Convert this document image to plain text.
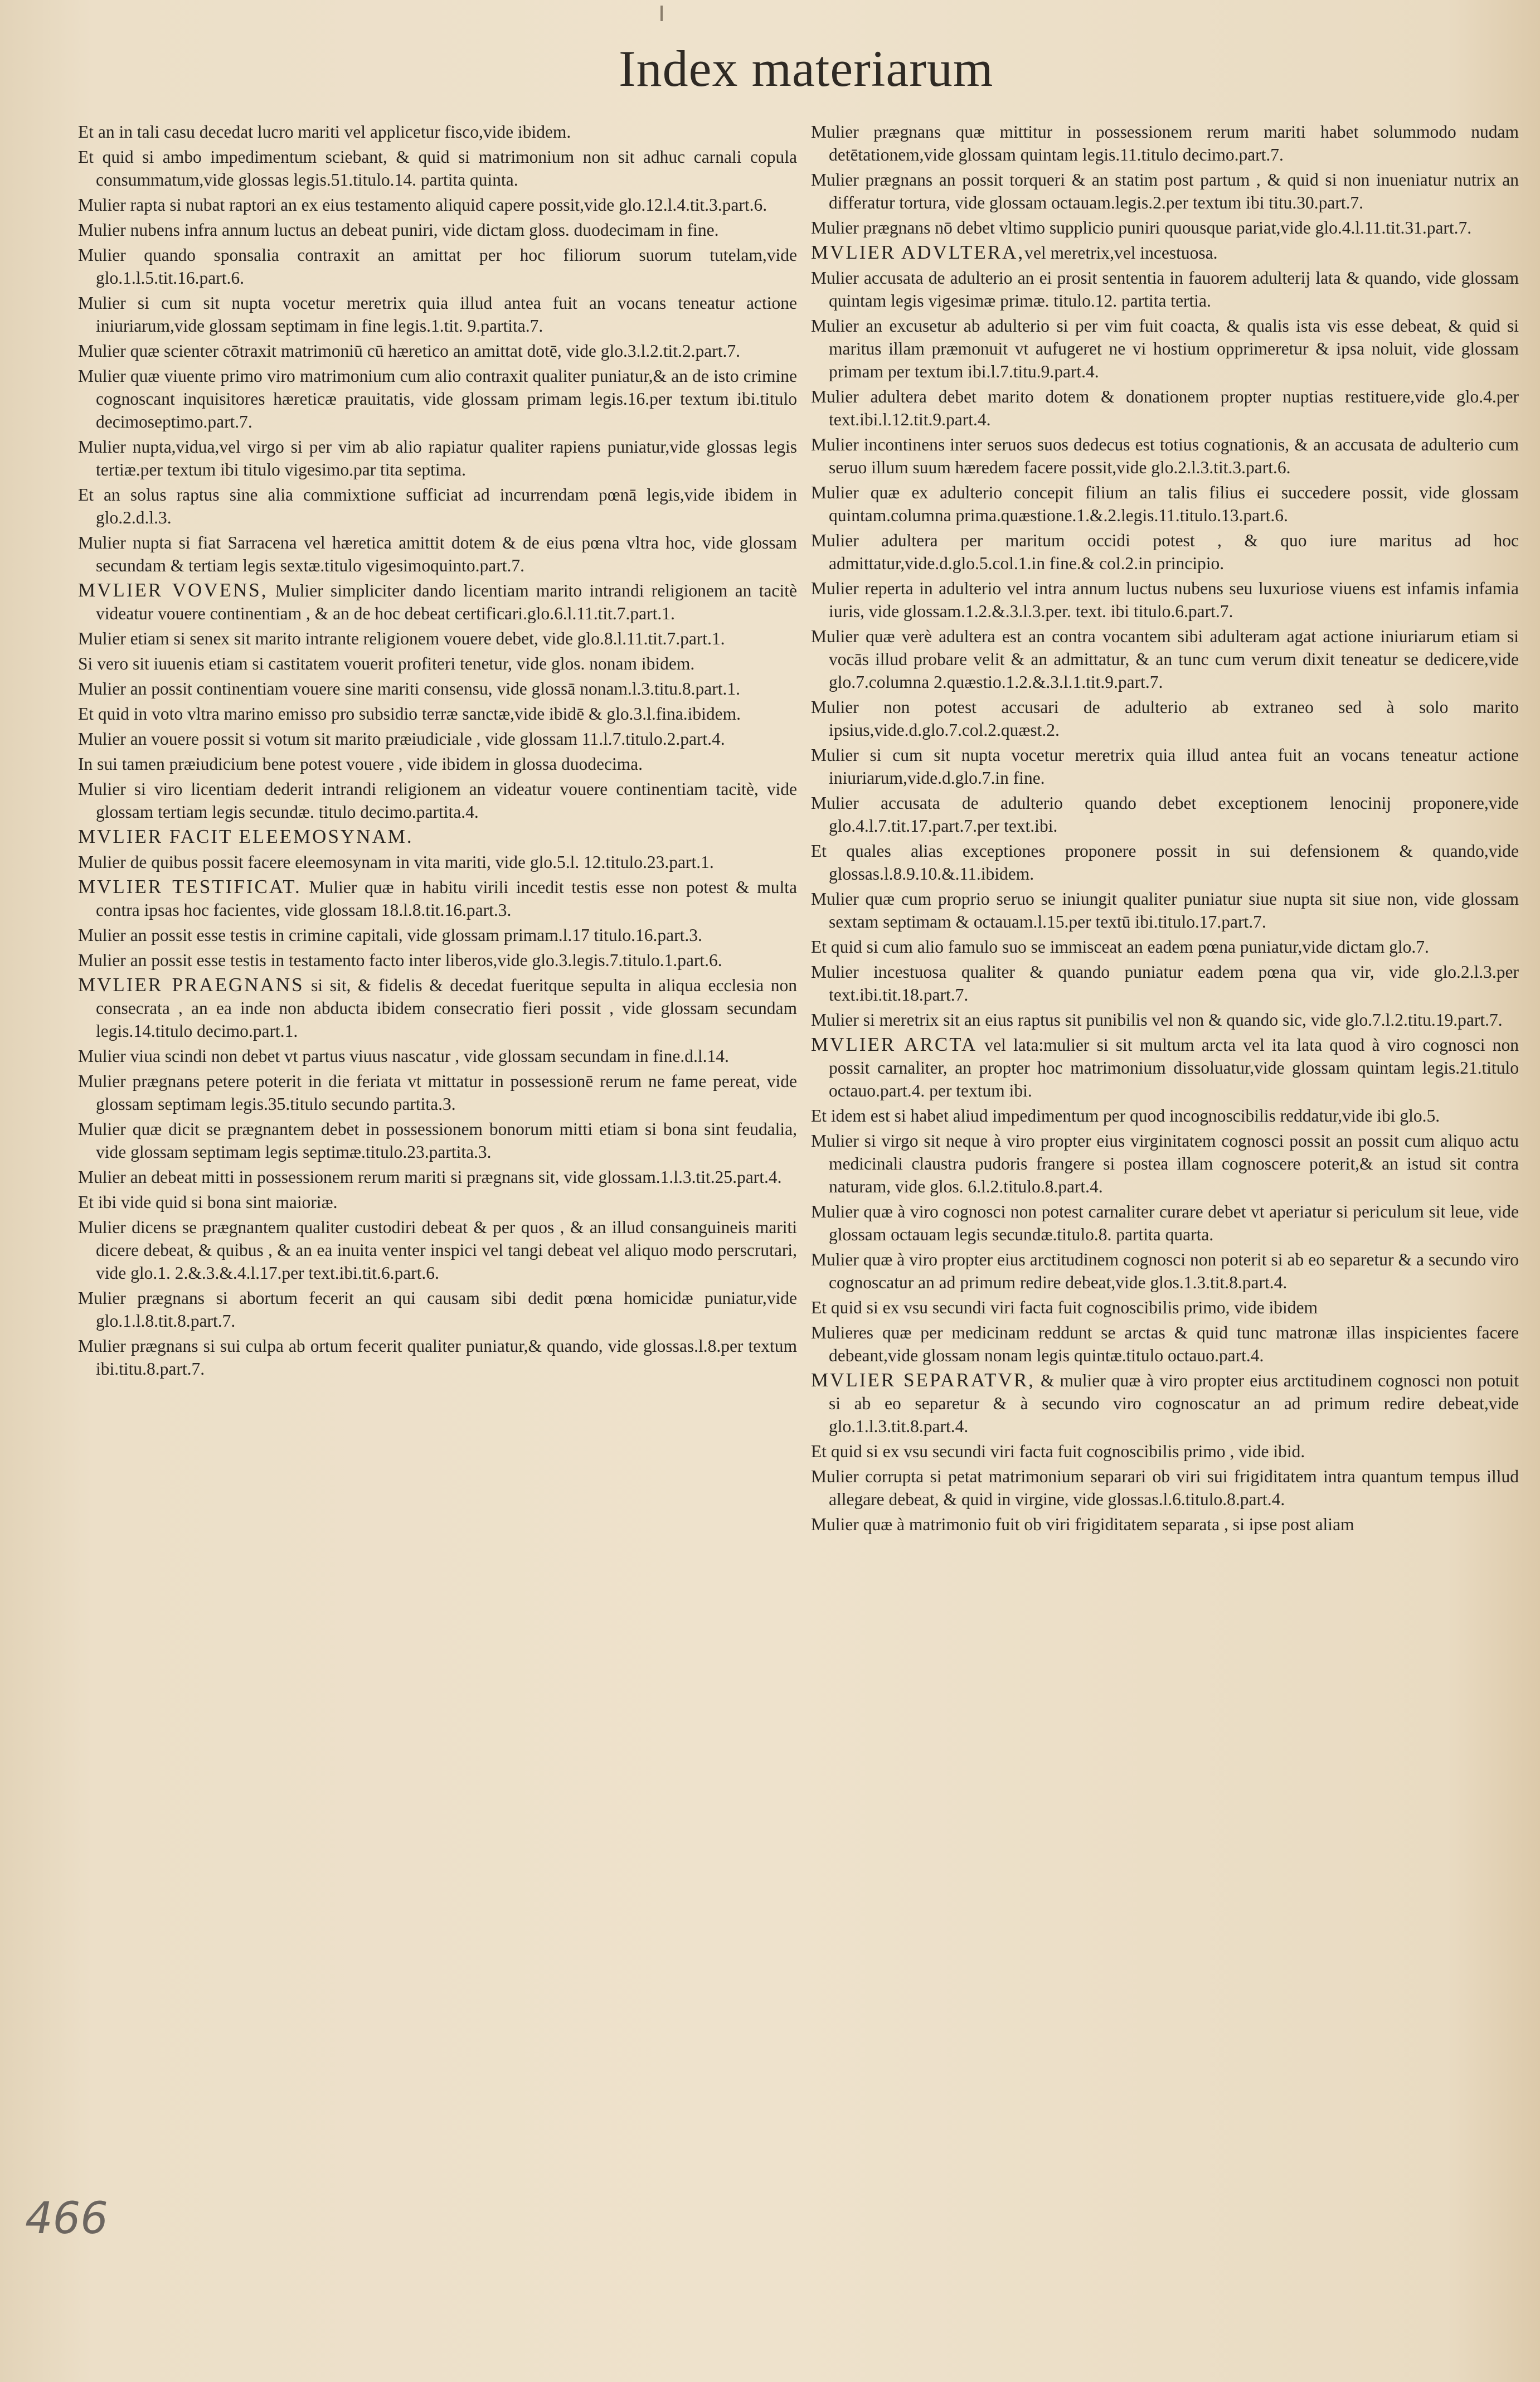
Index materiarum

Et an in tali casu decedat lucro mariti vel applicetur fisco,vide ibidem.

Et quid si ambo impedimentum sciebant, & quid si matrimonium non sit adhuc carnali copula consummatum,vide glossas legis.51.titulo.14. partita quinta.

Mulier rapta si nubat raptori an ex eius testamento aliquid capere possit,vide glo.12.l.4.tit.3.part.6.

Mulier nubens infra annum luctus an debeat puniri, vide dictam gloss. duodecimam in fine.

Mulier quando sponsalia contraxit an amittat per hoc filiorum suorum tutelam,vide glo.1.l.5.tit.16.part.6.

Mulier si cum sit nupta vocetur meretrix quia illud antea fuit an vocans teneatur actione iniuriarum,vide glossam septimam in fine legis.1.tit. 9.partita.7.

Mulier quæ scienter cōtraxit matrimoniū cū hæretico an amittat dotē, vide glo.3.l.2.tit.2.part.7.

Mulier quæ viuente primo viro matrimonium cum alio contraxit qualiter puniatur,& an de isto crimine cognoscant inquisitores hæreticæ prauitatis, vide glossam primam legis.16.per textum ibi.titulo decimoseptimo.part.7.

Mulier nupta,vidua,vel virgo si per vim ab alio rapiatur qualiter rapiens puniatur,vide glossas legis tertiæ.per textum ibi titulo vigesimo.par tita septima.

Et an solus raptus sine alia commixtione sufficiat ad incurrendam pœnā legis,vide ibidem in glo.2.d.l.3.

Mulier nupta si fiat Sarracena vel hæretica amittit dotem & de eius pœna vltra hoc, vide glossam secundam & tertiam legis sextæ.titulo vigesimoquinto.part.7.

MVLIER VOVENS, Mulier simpliciter dando licentiam marito intrandi religionem an tacitè videatur vouere continentiam , & an de hoc debeat certificari.glo.6.l.11.tit.7.part.1.

Mulier etiam si senex sit marito intrante religionem vouere debet, vide glo.8.l.11.tit.7.part.1.

Si vero sit iuuenis etiam si castitatem vouerit profiteri tenetur, vide glos. nonam ibidem.

Mulier an possit continentiam vouere sine mariti consensu, vide glossā nonam.l.3.titu.8.part.1.

Et quid in voto vltra marino emisso pro subsidio terræ sanctæ,vide ibidē & glo.3.l.fina.ibidem.

Mulier an vouere possit si votum sit marito præiudiciale , vide glossam 11.l.7.titulo.2.part.4.

In sui tamen præiudicium bene potest vouere , vide ibidem in glossa duodecima.

Mulier si viro licentiam dederit intrandi religionem an videatur vouere continentiam tacitè, vide glossam tertiam legis secundæ. titulo decimo.partita.4.

MVLIER FACIT ELEEMOSYNAM.

Mulier de quibus possit facere eleemosynam in vita mariti, vide glo.5.l. 12.titulo.23.part.1.

MVLIER TESTIFICAT. Mulier quæ in habitu virili incedit testis esse non potest & multa contra ipsas hoc facientes, vide glossam 18.l.8.tit.16.part.3.

Mulier an possit esse testis in crimine capitali, vide glossam primam.l.17 titulo.16.part.3.

Mulier an possit esse testis in testamento facto inter liberos,vide glo.3.legis.7.titulo.1.part.6.

MVLIER PRAEGNANS si sit, & fidelis & decedat fueritque sepulta in aliqua ecclesia non consecrata , an ea inde non abducta ibidem consecratio fieri possit , vide glossam secundam legis.14.titulo decimo.part.1.

Mulier viua scindi non debet vt partus viuus nascatur , vide glossam secundam in fine.d.l.14.

Mulier prægnans petere poterit in die feriata vt mittatur in possessionē rerum ne fame pereat, vide glossam septimam legis.35.titulo secundo partita.3.

Mulier quæ dicit se prægnantem debet in possessionem bonorum mitti etiam si bona sint feudalia, vide glossam septimam legis septimæ.titulo.23.partita.3.

Mulier an debeat mitti in possessionem rerum mariti si prægnans sit, vide glossam.1.l.3.tit.25.part.4.

Et ibi vide quid si bona sint maioriæ.

Mulier dicens se prægnantem qualiter custodiri debeat & per quos , & an illud consanguineis mariti dicere debeat, & quibus , & an ea inuita venter inspici vel tangi debeat vel aliquo modo perscrutari, vide glo.1. 2.&.3.&.4.l.17.per text.ibi.tit.6.part.6.

Mulier prægnans si abortum fecerit an qui causam sibi dedit pœna homicidæ puniatur,vide glo.1.l.8.tit.8.part.7.

Mulier prægnans si sui culpa ab ortum fecerit qualiter puniatur,& quando, vide glossas.l.8.per textum ibi.titu.8.part.7.

Mulier prægnans quæ mittitur in possessionem rerum mariti habet solummodo nudam detētationem,vide glossam quintam legis.11.titulo decimo.part.7.

Mulier prægnans an possit torqueri & an statim post partum , & quid si non inueniatur nutrix an differatur tortura, vide glossam octauam.legis.2.per textum ibi titu.30.part.7.

Mulier prægnans nō debet vltimo supplicio puniri quousque pariat,vide glo.4.l.11.tit.31.part.7.

MVLIER ADVLTERA,vel meretrix,vel incestuosa.

Mulier accusata de adulterio an ei prosit sententia in fauorem adulterij lata & quando, vide glossam quintam legis vigesimæ primæ. titulo.12. partita tertia.

Mulier an excusetur ab adulterio si per vim fuit coacta, & qualis ista vis esse debeat, & quid si maritus illam præmonuit vt aufugeret ne vi hostium opprimeretur & ipsa noluit, vide glossam primam per textum ibi.l.7.titu.9.part.4.

Mulier adultera debet marito dotem & donationem propter nuptias restituere,vide glo.4.per text.ibi.l.12.tit.9.part.4.

Mulier incontinens inter seruos suos dedecus est totius cognationis, & an accusata de adulterio cum seruo illum suum hæredem facere possit,vide glo.2.l.3.tit.3.part.6.

Mulier quæ ex adulterio concepit filium an talis filius ei succedere possit, vide glossam quintam.columna prima.quæstione.1.&.2.legis.11.titulo.13.part.6.

Mulier adultera per maritum occidi potest , & quo iure maritus ad hoc admittatur,vide.d.glo.5.col.1.in fine.& col.2.in principio.

Mulier reperta in adulterio vel intra annum luctus nubens seu luxuriose viuens est infamis infamia iuris, vide glossam.1.2.&.3.l.3.per. text. ibi titulo.6.part.7.

Mulier quæ verè adultera est an contra vocantem sibi adulteram agat actione iniuriarum etiam si vocās illud probare velit & an admittatur, & an tunc cum verum dixit teneatur se dedicere,vide glo.7.columna 2.quæstio.1.2.&.3.l.1.tit.9.part.7.

Mulier non potest accusari de adulterio ab extraneo sed à solo marito ipsius,vide.d.glo.7.col.2.quæst.2.

Mulier si cum sit nupta vocetur meretrix quia illud antea fuit an vocans teneatur actione iniuriarum,vide.d.glo.7.in fine.

Mulier accusata de adulterio quando debet exceptionem lenocinij proponere,vide glo.4.l.7.tit.17.part.7.per text.ibi.

Et quales alias exceptiones proponere possit in sui defensionem & quando,vide glossas.l.8.9.10.&.11.ibidem.

Mulier quæ cum proprio seruo se iniungit qualiter puniatur siue nupta sit siue non, vide glossam sextam septimam & octauam.l.15.per textū ibi.titulo.17.part.7.

Et quid si cum alio famulo suo se immisceat an eadem pœna puniatur,vide dictam glo.7.

Mulier incestuosa qualiter & quando puniatur eadem pœna qua vir, vide glo.2.l.3.per text.ibi.tit.18.part.7.

Mulier si meretrix sit an eius raptus sit punibilis vel non & quando sic, vide glo.7.l.2.titu.19.part.7.

MVLIER ARCTA vel lata:mulier si sit multum arcta vel ita lata quod à viro cognosci non possit carnaliter, an propter hoc matrimonium dissoluatur,vide glossam quintam legis.21.titulo octauo.part.4. per textum ibi.

Et idem est si habet aliud impedimentum per quod incognoscibilis reddatur,vide ibi glo.5.

Mulier si virgo sit neque à viro propter eius virginitatem cognosci possit an possit cum aliquo actu medicinali claustra pudoris frangere si postea illam cognoscere poterit,& an istud sit contra naturam, vide glos. 6.l.2.titulo.8.part.4.

Mulier quæ à viro cognosci non potest carnaliter curare debet vt aperiatur si periculum sit leue, vide glossam octauam legis secundæ.titulo.8. partita quarta.

Mulier quæ à viro propter eius arctitudinem cognosci non poterit si ab eo separetur & a secundo viro cognoscatur an ad primum redire debeat,vide glos.1.3.tit.8.part.4.

Et quid si ex vsu secundi viri facta fuit cognoscibilis primo, vide ibidem

Mulieres quæ per medicinam reddunt se arctas & quid tunc matronæ illas inspicientes facere debeant,vide glossam nonam legis quintæ.titulo octauo.part.4.

MVLIER SEPARATVR, & mulier quæ à viro propter eius arctitudinem cognosci non potuit si ab eo separetur & à secundo viro cognoscatur an ad primum redire debeat,vide glo.1.l.3.tit.8.part.4.

Et quid si ex vsu secundi viri facta fuit cognoscibilis primo , vide ibid.

Mulier corrupta si petat matrimonium separari ob viri sui frigiditatem intra quantum tempus illud allegare debeat, & quid in virgine, vide glossas.l.6.titulo.8.part.4.

Mulier quæ à matrimonio fuit ob viri frigiditatem separata , si ipse post aliam

466
